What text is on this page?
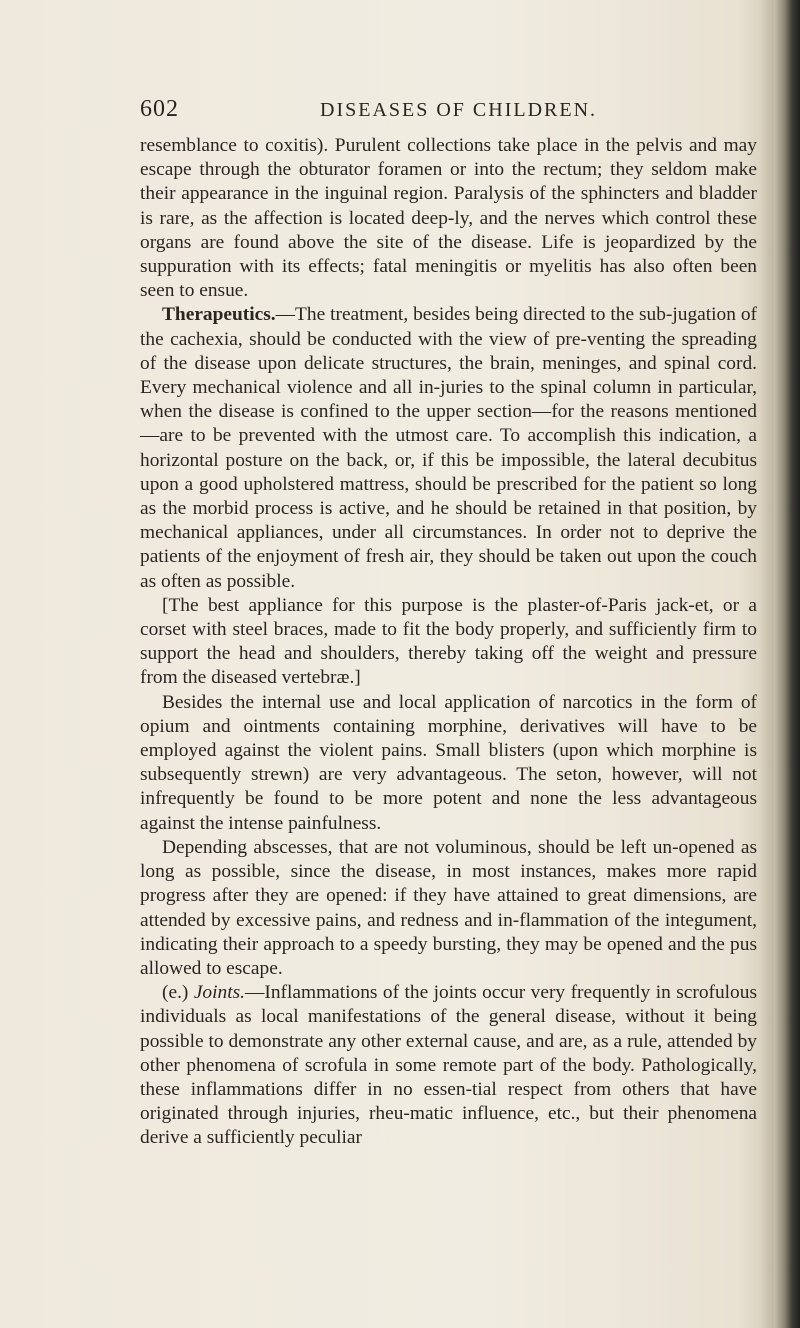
602	DISEASES OF CHILDREN.

resemblance to coxitis). Purulent collections take place in the pelvis and may escape through the obturator foramen or into the rectum; they seldom make their appearance in the inguinal region. Paralysis of the sphincters and bladder is rare, as the affection is located deep-ly, and the nerves which control these organs are found above the site of the disease. Life is jeopardized by the suppuration with its effects; fatal meningitis or myelitis has also often been seen to ensue.

Therapeutics.—The treatment, besides being directed to the sub-jugation of the cachexia, should be conducted with the view of pre-venting the spreading of the disease upon delicate structures, the brain, meninges, and spinal cord. Every mechanical violence and all in-juries to the spinal column in particular, when the disease is confined to the upper section—for the reasons mentioned—are to be prevented with the utmost care. To accomplish this indication, a horizontal posture on the back, or, if this be impossible, the lateral decubitus upon a good upholstered mattress, should be prescribed for the patient so long as the morbid process is active, and he should be retained in that position, by mechanical appliances, under all circumstances. In order not to deprive the patients of the enjoyment of fresh air, they should be taken out upon the couch as often as possible.

[The best appliance for this purpose is the plaster-of-Paris jack-et, or a corset with steel braces, made to fit the body properly, and sufficiently firm to support the head and shoulders, thereby taking off the weight and pressure from the diseased vertebræ.]

Besides the internal use and local application of narcotics in the form of opium and ointments containing morphine, derivatives will have to be employed against the violent pains. Small blisters (upon which morphine is subsequently strewn) are very advantageous. The seton, however, will not infrequently be found to be more potent and none the less advantageous against the intense painfulness.

Depending abscesses, that are not voluminous, should be left un-opened as long as possible, since the disease, in most instances, makes more rapid progress after they are opened: if they have attained to great dimensions, are attended by excessive pains, and redness and in-flammation of the integument, indicating their approach to a speedy bursting, they may be opened and the pus allowed to escape.

(e.) Joints.—Inflammations of the joints occur very frequently in scrofulous individuals as local manifestations of the general disease, without it being possible to demonstrate any other external cause, and are, as a rule, attended by other phenomena of scrofula in some remote part of the body. Pathologically, these inflammations differ in no essen-tial respect from others that have originated through injuries, rheu-matic influence, etc., but their phenomena derive a sufficiently peculiar
